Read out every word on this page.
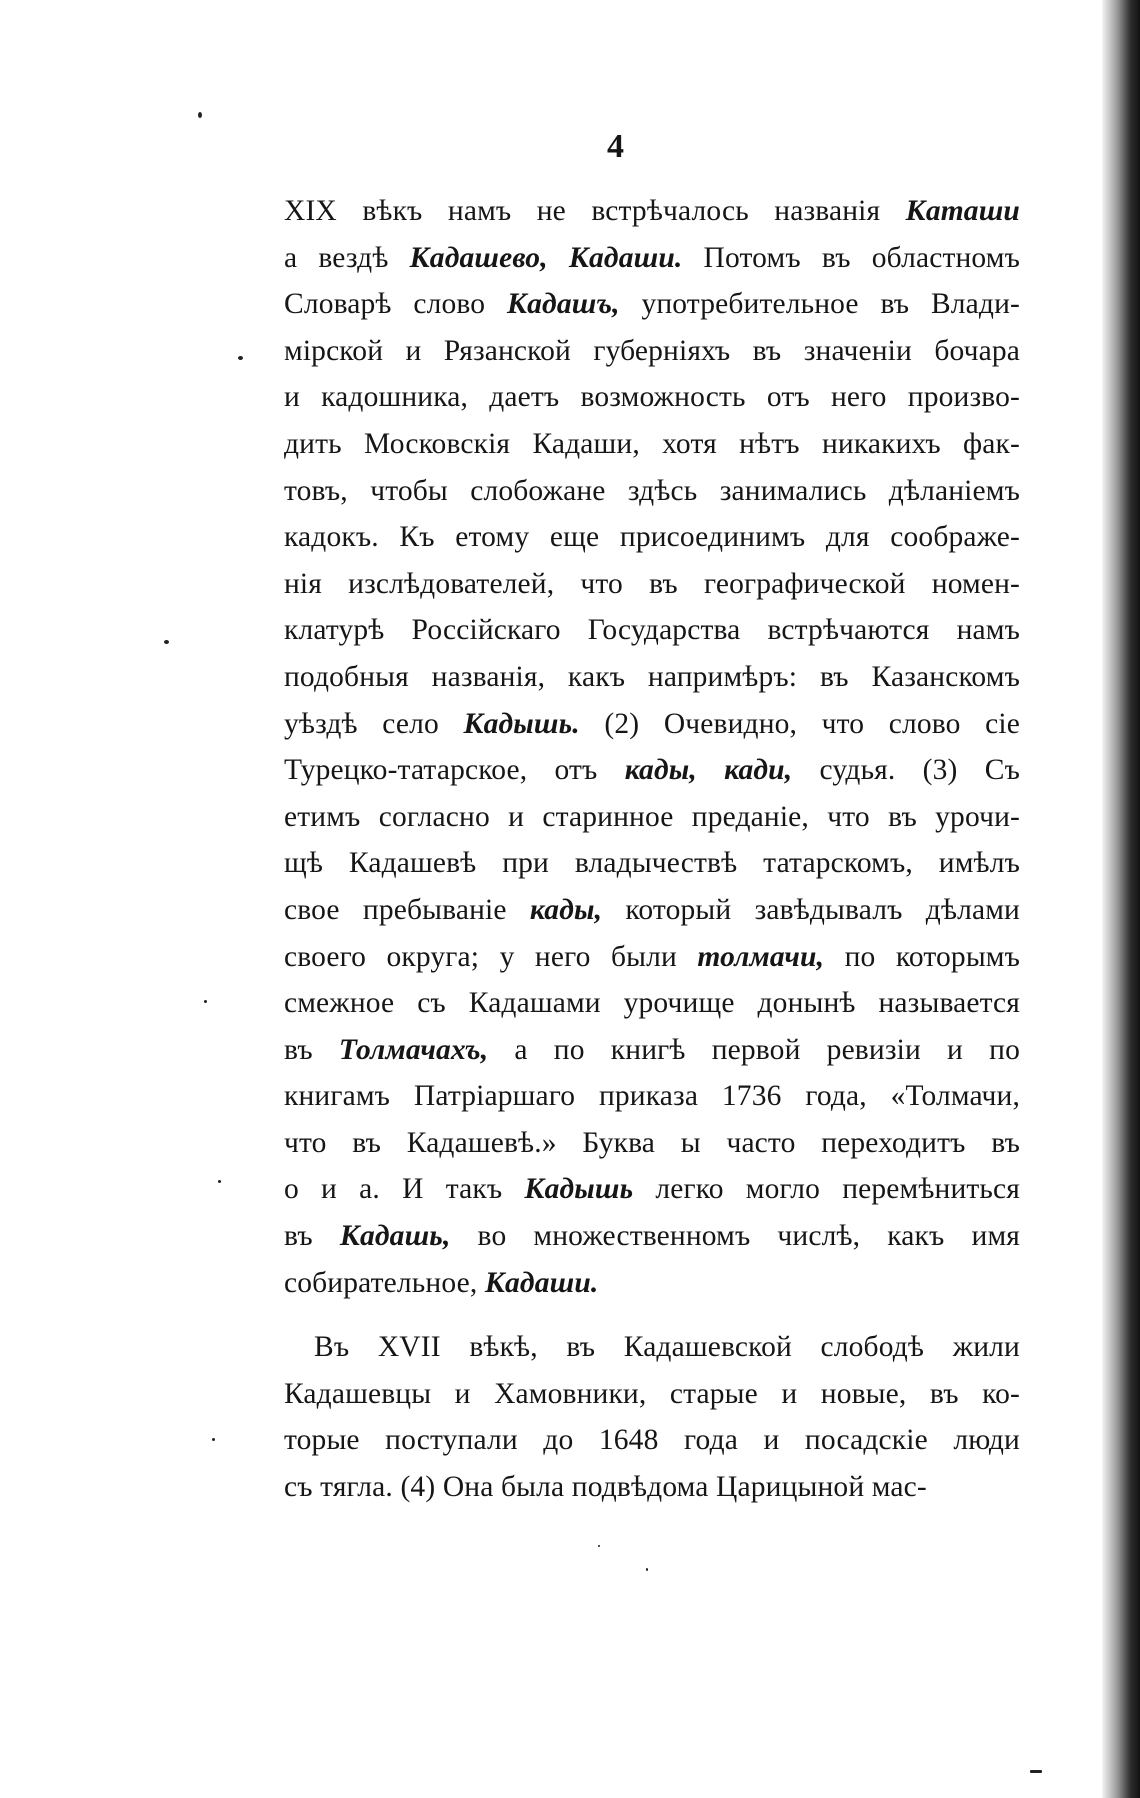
4
XIX вѣкъ намъ не встрѣчалось названія Каташи
а вездѣ Кадашево, Кадаши. Потомъ въ областномъ
Словарѣ слово Кадашъ, употребительное въ Влади-
мірской и Рязанской губерніяхъ въ значеніи бочара
и кадошника, даетъ возможность отъ него произво-
дить Московскія Кадаши, хотя нѣтъ никакихъ фак-
товъ, чтобы слобожане здѣсь занимались дѣланіемъ
кадокъ. Къ етому еще присоединимъ для соображе-
нія изслѣдователей, что въ географической номен-
клатурѣ Россійскаго Государства встрѣчаются намъ
подобныя названія, какъ напримѣръ: въ Казанскомъ
уѣздѣ село Кадышь. (2) Очевидно, что слово сіе
Турецко-татарское, отъ кады, кади, судья. (3) Съ
етимъ согласно и старинное преданіе, что въ урочи-
щѣ Кадашевѣ при владычествѣ татарскомъ, имѣлъ
свое пребываніе кады, который завѣдывалъ дѣлами
своего округа; у него были толмачи, по которымъ
смежное съ Кадашами урочище донынѣ называется
въ Толмачахъ, а по книгѣ первой ревизіи и по
книгамъ Патріаршаго приказа 1736 года, «Толмачи,
что въ Кадашевѣ.» Буква ы часто переходитъ въ
о и а. И такъ Кадышь легко могло перемѣниться
въ Кадашь, во множественномъ числѣ, какъ имя
собирательное, Кадаши.
Въ XVII вѣкѣ, въ Кадашевской слободѣ жили
Кадашевцы и Хамовники, старые и новые, въ ко-
торые поступали до 1648 года и посадскіе люди
съ тягла. (4) Она была подвѣдома Царицыной мас-
